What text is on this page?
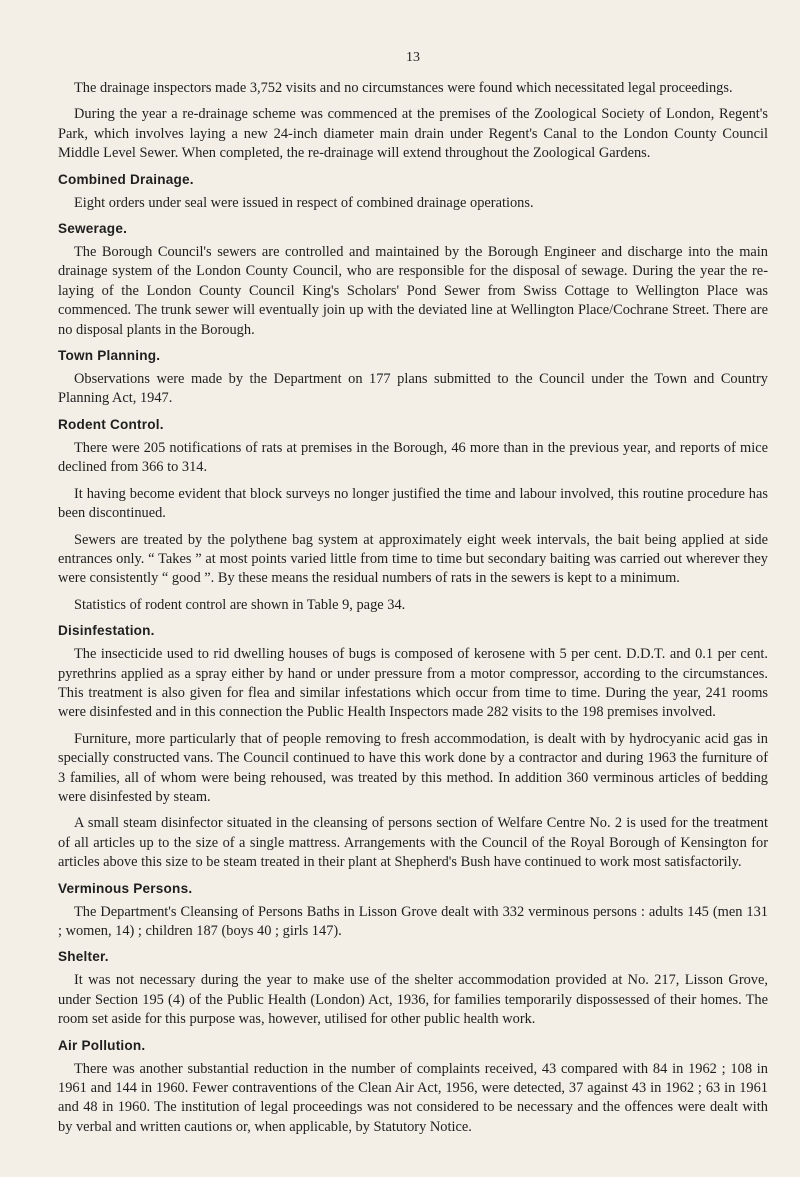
13

The drainage inspectors made 3,752 visits and no circumstances were found which necessitated legal proceedings.

During the year a re-drainage scheme was commenced at the premises of the Zoological Society of London, Regent's Park, which involves laying a new 24-inch diameter main drain under Regent's Canal to the London County Council Middle Level Sewer. When completed, the re-drainage will extend throughout the Zoological Gardens.

Combined Drainage.

Eight orders under seal were issued in respect of combined drainage operations.

Sewerage.

The Borough Council's sewers are controlled and maintained by the Borough Engineer and discharge into the main drainage system of the London County Council, who are responsible for the disposal of sewage. During the year the re-laying of the London County Council King's Scholars' Pond Sewer from Swiss Cottage to Wellington Place was commenced. The trunk sewer will eventually join up with the deviated line at Wellington Place/Cochrane Street. There are no disposal plants in the Borough.

Town Planning.

Observations were made by the Department on 177 plans submitted to the Council under the Town and Country Planning Act, 1947.

Rodent Control.

There were 205 notifications of rats at premises in the Borough, 46 more than in the previous year, and reports of mice declined from 366 to 314.

It having become evident that block surveys no longer justified the time and labour involved, this routine procedure has been discontinued.

Sewers are treated by the polythene bag system at approximately eight week intervals, the bait being applied at side entrances only. “ Takes ” at most points varied little from time to time but secondary baiting was carried out wherever they were consistently “ good ”. By these means the residual numbers of rats in the sewers is kept to a minimum.

Statistics of rodent control are shown in Table 9, page 34.

Disinfestation.

The insecticide used to rid dwelling houses of bugs is composed of kerosene with 5 per cent. D.D.T. and 0.1 per cent. pyrethrins applied as a spray either by hand or under pressure from a motor compressor, according to the circumstances. This treatment is also given for flea and similar infestations which occur from time to time. During the year, 241 rooms were disinfested and in this connection the Public Health Inspectors made 282 visits to the 198 premises involved.

Furniture, more particularly that of people removing to fresh accommodation, is dealt with by hydrocyanic acid gas in specially constructed vans. The Council continued to have this work done by a contractor and during 1963 the furniture of 3 families, all of whom were being rehoused, was treated by this method. In addition 360 verminous articles of bedding were disinfested by steam.

A small steam disinfector situated in the cleansing of persons section of Welfare Centre No. 2 is used for the treatment of all articles up to the size of a single mattress. Arrangements with the Council of the Royal Borough of Kensington for articles above this size to be steam treated in their plant at Shepherd's Bush have continued to work most satisfactorily.

Verminous Persons.

The Department's Cleansing of Persons Baths in Lisson Grove dealt with 332 verminous persons : adults 145 (men 131 ; women, 14) ; children 187 (boys 40 ; girls 147).

Shelter.

It was not necessary during the year to make use of the shelter accommodation provided at No. 217, Lisson Grove, under Section 195 (4) of the Public Health (London) Act, 1936, for families temporarily dispossessed of their homes. The room set aside for this purpose was, however, utilised for other public health work.

Air Pollution.

There was another substantial reduction in the number of complaints received, 43 compared with 84 in 1962 ; 108 in 1961 and 144 in 1960. Fewer contraventions of the Clean Air Act, 1956, were detected, 37 against 43 in 1962 ; 63 in 1961 and 48 in 1960. The institution of legal proceedings was not considered to be necessary and the offences were dealt with by verbal and written cautions or, when applicable, by Statutory Notice.
